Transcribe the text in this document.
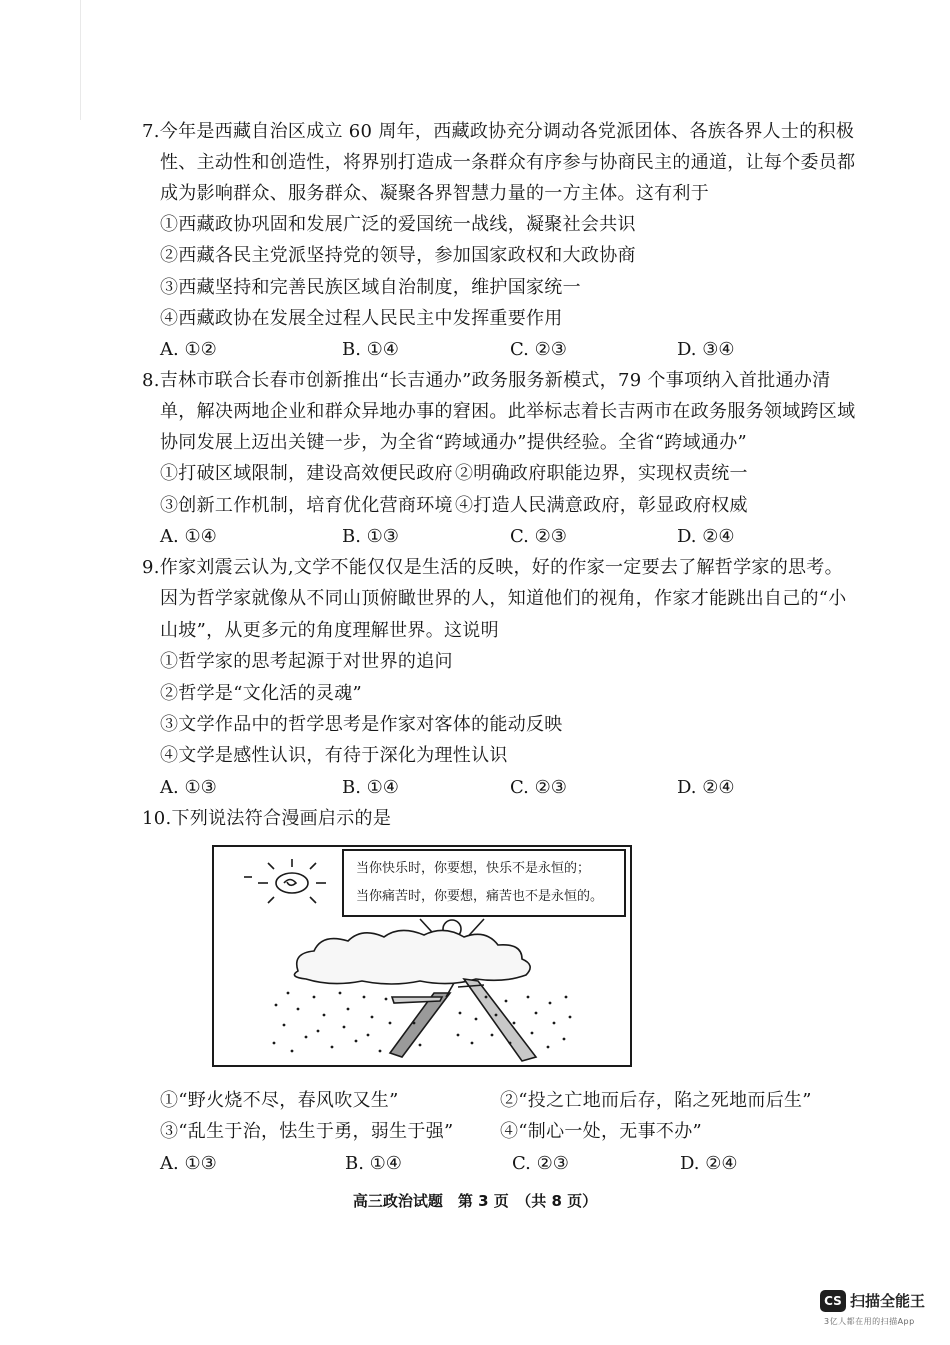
7.今年是西藏自治区成立 60 周年，西藏政协充分调动各党派团体、各族各界人士的积极
性、主动性和创造性，将界别打造成一条群众有序参与协商民主的通道，让每个委员都
成为影响群众、服务群众、凝聚各界智慧力量的一方主体。这有利于
①西藏政协巩固和发展广泛的爱国统一战线，凝聚社会共识
②西藏各民主党派坚持党的领导，参加国家政权和大政协商
③西藏坚持和完善民族区域自治制度，维护国家统一
④西藏政协在发展全过程人民民主中发挥重要作用
A. ①②	B. ①④	C. ②③	D. ③④
8.吉林市联合长春市创新推出“长吉通办”政务服务新模式，79 个事项纳入首批通办清
单，解决两地企业和群众异地办事的窘困。此举标志着长吉两市在政务服务领域跨区域
协同发展上迈出关键一步，为全省“跨域通办”提供经验。全省“跨域通办”
①打破区域限制，建设高效便民政府 ②明确政府职能边界，实现权责统一
③创新工作机制，培育优化营商环境 ④打造人民满意政府，彰显政府权威
A. ①④	B. ①③	C. ②③	D. ②④
9.作家刘震云认为,文学不能仅仅是生活的反映，好的作家一定要去了解哲学家的思考。
因为哲学家就像从不同山顶俯瞰世界的人，知道他们的视角，作家才能跳出自己的“小
山坡”，从更多元的角度理解世界。这说明
①哲学家的思考起源于对世界的追问
②哲学是“文化活的灵魂”
③文学作品中的哲学思考是作家对客体的能动反映
④文学是感性认识，有待于深化为理性认识
A. ①③	B. ①④	C. ②③	D. ②④
10.下列说法符合漫画启示的是
当你快乐时，你要想，快乐不是永恒的；
当你痛苦时，你要想，痛苦也不是永恒的。
①“野火烧不尽，春风吹又生”	②“投之亡地而后存，陷之死地而后生”
③“乱生于治，怯生于勇，弱生于强”	④“制心一处，无事不办”
A. ①③	B. ①④	C. ②③	D. ②④
高三政治试题　第 3 页　（共 8 页）
CS 扫描全能王
3亿人都在用的扫描App
